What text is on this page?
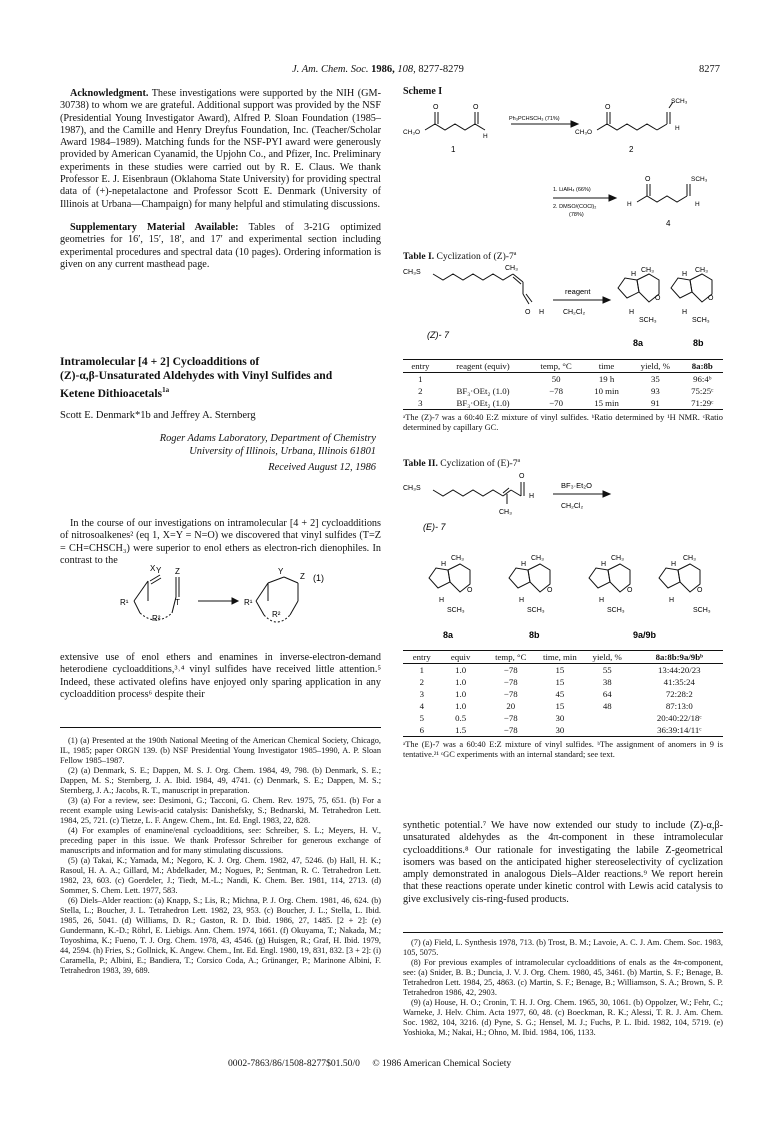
J. Am. Chem. Soc. 1986, 108, 8277-8279	8277

Acknowledgment. These investigations were supported by the NIH (GM-30738) to whom we are grateful. Additional support was provided by the NSF (Presidential Young Investigator Award), Alfred P. Sloan Foundation (1985–1987), and the Camille and Henry Dreyfus Foundation, Inc. (Teacher/Scholar Award 1984–1989). Matching funds for the NSF-PYI award were generously provided by American Cyanamid, the Upjohn Co., and Pfizer, Inc. Preliminary experiments in these studies were carried out by R. E. Claus. We thank Professor E. J. Eisenbraun (Oklahoma State University) for providing spectral data of (+)-nepetalactone and Professor Scott E. Denmark (University of Illinois at Urbana—Champaign) for many helpful and stimulating discussions.

Supplementary Material Available: Tables of 3-21G optimized geometries for 16′, 15′, 18′, and 17′ and experimental section including experimental procedures and spectral data (10 pages). Ordering information is given on any current masthead page.

Intramolecular [4 + 2] Cycloadditions of
(Z)-α,β-Unsaturated Aldehydes with Vinyl Sulfides and
Ketene Dithioacetals$^{1a}$
Scott E. Denmark*1b and Jeffrey A. Sternberg
Roger Adams Laboratory, Department of Chemistry
University of Illinois, Urbana, Illinois 61801
Received August 12, 1986

In the course of our investigations on intramolecular [4 + 2] cycloadditions of nitrosoalkenes² (eq 1, X=Y = N=O) we discovered that vinyl sulfides (T=Z = CH=CHSCH₃) were superior to enol ethers as electron-rich dienophiles. In contrast to the

Y
X Z
T
R¹
R²
Y
Z
R¹
R²
(1)

extensive use of enol ethers and enamines in inverse-electron-demand heterodiene cycloadditions,³˒⁴ vinyl sulfides have received little attention.⁵ Indeed, these activated olefins have enjoyed only sparing application in any cycloaddition process⁶ despite their

(1) (a) Presented at the 190th National Meeting of the American Chemical Society, Chicago, IL, 1985; paper ORGN 139. (b) NSF Presidential Young Investigator 1985–1990, A. P. Sloan Fellow 1985–1987.

(2) (a) Denmark, S. E.; Dappen, M. S. J. Org. Chem. 1984, 49, 798. (b) Denmark, S. E.; Dappen, M. S.; Sternberg, J. A. Ibid. 1984, 49, 4741. (c) Denmark, S. E.; Dappen, M. S.; Sternberg, J. A.; Jacobs, R. T., manuscript in preparation.

(3) (a) For a review, see: Desimoni, G.; Tacconi, G. Chem. Rev. 1975, 75, 651. (b) For a recent example using Lewis-acid catalysis: Danishefsky, S.; Bednarski, M. Tetrahedron Lett. 1984, 25, 721. (c) Tietze, L. F. Angew. Chem., Int. Ed. Engl. 1983, 22, 828.

(4) For examples of enamine/enal cycloadditions, see: Schreiber, S. L.; Meyers, H. V., preceding paper in this issue. We thank Professor Schreiber for generous exchange of manuscripts and information and for many stimulating discussions.

(5) (a) Takai, K.; Yamada, M.; Negoro, K. J. Org. Chem. 1982, 47, 5246. (b) Hall, H. K.; Rasoul, H. A. A.; Gillard, M.; Abdelkader, M.; Nogues, P.; Sentman, R. C. Tetrahedron Lett. 1982, 23, 603. (c) Goerdeler, J.; Tiedt, M.-L.; Nandi, K. Chem. Ber. 1981, 114, 2713. (d) Sommer, S. Chem. Lett. 1977, 583.

(6) Diels–Alder reaction: (a) Knapp, S.; Lis, R.; Michna, P. J. Org. Chem. 1981, 46, 624. (b) Stella, L.; Boucher, J. L. Tetrahedron Lett. 1982, 23, 953. (c) Boucher, J. L.; Stella, L. Ibid. 1985, 26, 5041. (d) Williams, D. R.; Gaston, R. D. Ibid. 1986, 27, 1485. [2 + 2]: (e) Gundermann, K.-D.; Röhrl, E. Liebigs. Ann. Chem. 1974, 1661. (f) Okuyama, T.; Nakada, M.; Toyoshima, K.; Fueno, T. J. Org. Chem. 1978, 43, 4546. (g) Huisgen, R.; Graf, H. Ibid. 1979, 44, 2594. (h) Fries, S.; Gollnick, K. Angew. Chem., Int. Ed. Engl. 1980, 19, 831, 832. [3 + 2]: (i) Caramella, P.; Albini, E.; Bandiera, T.; Corsico Coda, A.; Grünanger, P.; Marinone Albini, F. Tetrahedron 1983, 39, 689.

Scheme I
CH₃O
O	O
H
1
Ph₃PCHSCH₃ (71%)
CH₃O
O
SCH₃
H
2
1. LiAlH₄ (66%)
2. DMSO/(COCl)₂
(78%)
H
O	SCH₃
H
4
Table I. Cyclization of (Z)-7$^a$
CH₃S
CH₃
O H
reagent
CH₂Cl₂
(Z)- 7
H
CH₃
O
H
SCH₃
H
CH₃
O
H
SCH₃
8a	8b
entry	reagent (equiv)	temp, °C	time	yield, %	8a:8b
1		50	19 h	35	96:4ᵇ
2	BF₃·OEt₂ (1.0)	−78	10 min	93	75:25ᶜ
3	BF₃·OEt₂ (1.0)	−70	15 min	91	71:29ᶜ
ᵃThe (Z)-7 was a 60:40 E:Z mixture of vinyl sulfides. ᵇRatio determined by ¹H NMR. ᶜRatio determined by capillary GC.
Table II. Cyclization of (E)-7$^a$
O
CH₃S
H
CH₃
BF₃·Et₂O
CH₂Cl₂
(E)- 7
H
CH₃
O
H
SCH₃
H
CH₃
O
H
SCH₃
H
CH₃
O
H
SCH₃
H
CH₃
O
H
SCH₃
8a	8b	9a/9b
entry	equiv	temp, °C	time, min	yield, %	8a:8b:9a/9bᵇ
1	1.0	−78	15	55	13:44:20/23
2	1.0	−78	15	38	41:35:24
3	1.0	−78	45	64	72:28:2
4	1.0	20	15	48	87:13:0
5	0.5	−78	30		20:40:22/18ᶜ
6	1.5	−78	30		36:39:14/11ᶜ
ᵃThe (E)-7 was a 60:40 E:Z mixture of vinyl sulfides. ᵇThe assignment of anomers in 9 is tentative.²¹ ᶜGC experiments with an internal standard; see text.

synthetic potential.⁷ We have now extended our study to include (Z)-α,β-unsaturated aldehydes as the 4π-component in these intramolecular cycloadditions.⁸ Our rationale for investigating the labile Z-geometrical isomers was based on the anticipated higher stereoselectivity of cyclization amply demonstrated in analogous Diels–Alder reactions.⁹ We report herein that these reactions operate under kinetic control with Lewis acid catalysis to give exclusively cis-ring-fused products.

(7) (a) Field, L. Synthesis 1978, 713. (b) Trost, B. M.; Lavoie, A. C. J. Am. Chem. Soc. 1983, 105, 5075.

(8) For previous examples of intramolecular cycloadditions of enals as the 4π-component, see: (a) Snider, B. B.; Duncia, J. V. J. Org. Chem. 1980, 45, 3461. (b) Martin, S. F.; Benage, B. Tetrahedron Lett. 1984, 25, 4863. (c) Martin, S. F.; Benage, B.; Williamson, S. A.; Brown, S. P. Tetrahedron 1986, 42, 2903.

(9) (a) House, H. O.; Cronin, T. H. J. Org. Chem. 1965, 30, 1061. (b) Oppolzer, W.; Fehr, C.; Warneke, J. Helv. Chim. Acta 1977, 60, 48. (c) Boeckman, R. K.; Alessi, T. R. J. Am. Chem. Soc. 1982, 104, 3216. (d) Pyne, S. G.; Hensel, M. J.; Fuchs, P. L. Ibid. 1982, 104, 5719. (e) Yoshioka, M.; Nakai, H.; Ohno, M. Ibid. 1984, 106, 1133.

0002-7863/86/1508-8277$01.50/0 © 1986 American Chemical Society
